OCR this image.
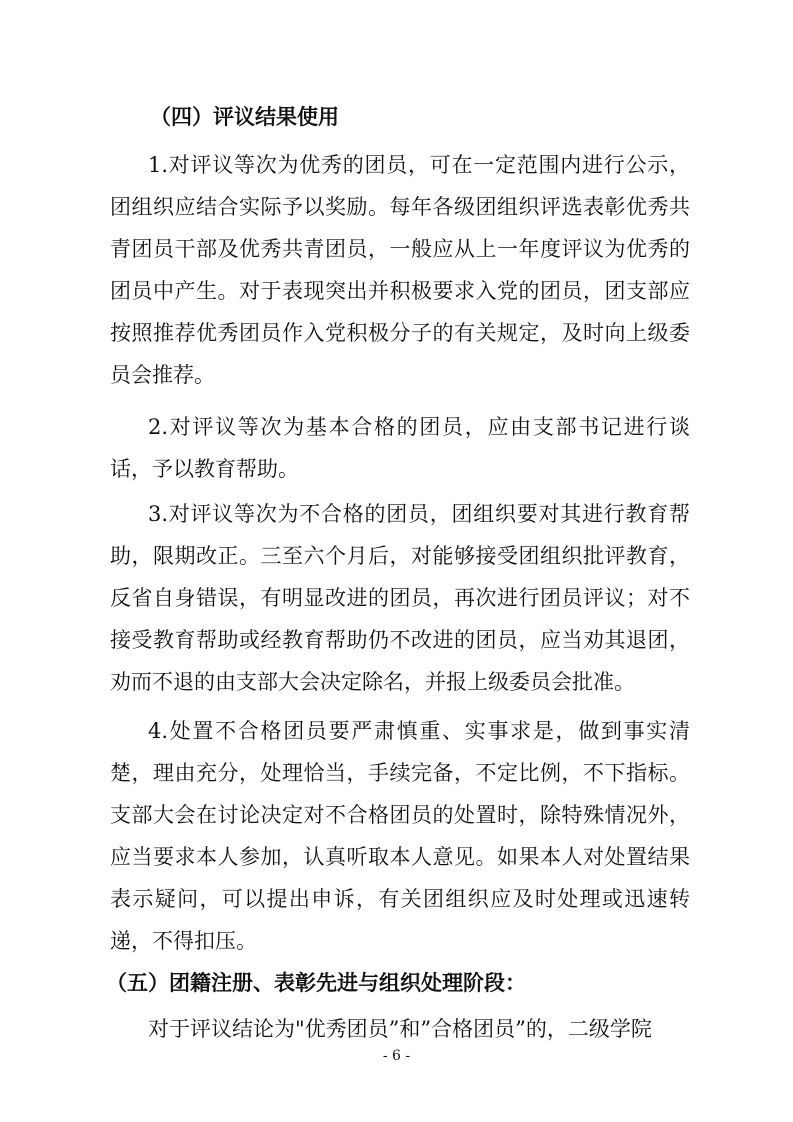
（四）评议结果使用
1.对评议等次为优秀的团员，可在一定范围内进行公示，团组织应结合实际予以奖励。每年各级团组织评选表彰优秀共青团员干部及优秀共青团员，一般应从上一年度评议为优秀的团员中产生。对于表现突出并积极要求入党的团员，团支部应按照推荐优秀团员作入党积极分子的有关规定，及时向上级委员会推荐。
2.对评议等次为基本合格的团员，应由支部书记进行谈话，予以教育帮助。
3.对评议等次为不合格的团员，团组织要对其进行教育帮助，限期改正。三至六个月后，对能够接受团组织批评教育，反省自身错误，有明显改进的团员，再次进行团员评议；对不接受教育帮助或经教育帮助仍不改进的团员，应当劝其退团，劝而不退的由支部大会决定除名，并报上级委员会批准。
4.处置不合格团员要严肃慎重、实事求是，做到事实清楚，理由充分，处理恰当，手续完备，不定比例，不下指标。支部大会在讨论决定对不合格团员的处置时，除特殊情况外，应当要求本人参加，认真听取本人意见。如果本人对处置结果表示疑问，可以提出申诉，有关团组织应及时处理或迅速转递，不得扣压。
（五）团籍注册、表彰先进与组织处理阶段：
对于评议结论为"优秀团员”和”合格团员”的，二级学院
- 6 -
